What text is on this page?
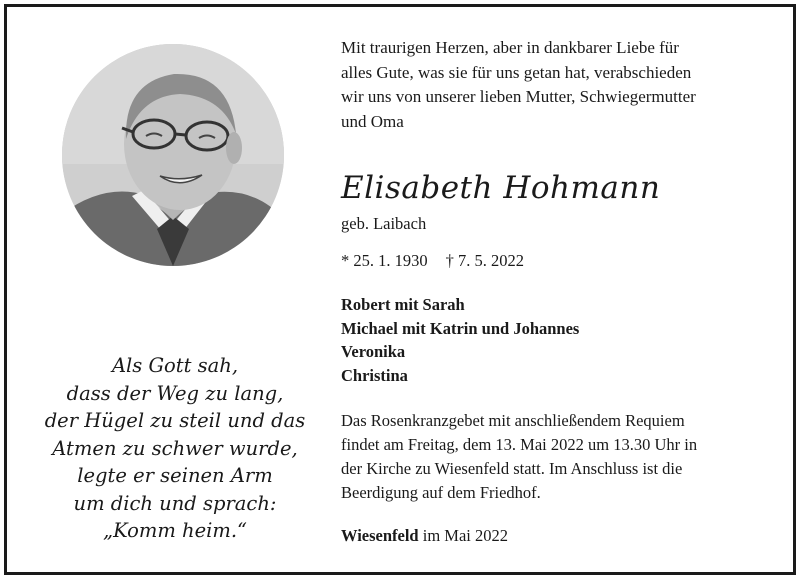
Als Gott sah,
dass der Weg zu lang,
der Hügel zu steil und das
Atmen zu schwer wurde,
legte er seinen Arm
um dich und sprach:
„Komm heim.“
Mit traurigen Herzen, aber in dankbarer Liebe für
alles Gute, was sie für uns getan hat, verabschieden
wir uns von unserer lieben Mutter, Schwiegermutter
und Oma
Elisabeth Hohmann
geb. Laibach
* 25. 1. 1930 † 7. 5. 2022
Robert mit Sarah
Michael mit Katrin und Johannes
Veronika
Christina
Das Rosenkranzgebet mit anschließendem Requiem
findet am Freitag, dem 13. Mai 2022 um 13.30 Uhr in
der Kirche zu Wiesenfeld statt. Im Anschluss ist die
Beerdigung auf dem Friedhof.
Wiesenfeld im Mai 2022
